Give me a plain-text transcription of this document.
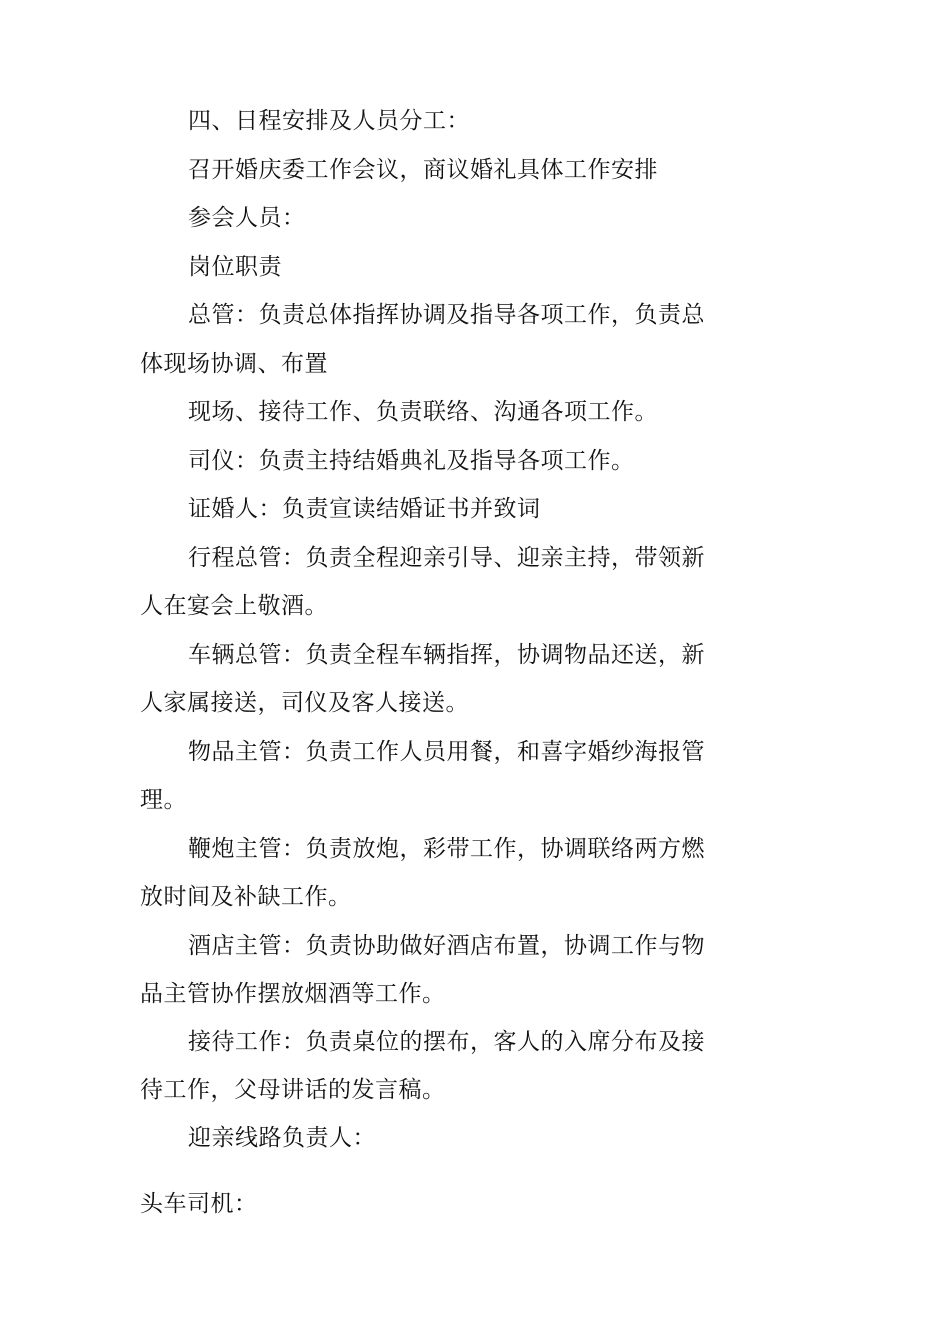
四、日程安排及人员分工：
召开婚庆委工作会议，商议婚礼具体工作安排
参会人员：
岗位职责
总管：负责总体指挥协调及指导各项工作，负责总
体现场协调、布置
现场、接待工作、负责联络、沟通各项工作。
司仪：负责主持结婚典礼及指导各项工作。
证婚人：负责宣读结婚证书并致词
行程总管：负责全程迎亲引导、迎亲主持，带领新
人在宴会上敬酒。
车辆总管：负责全程车辆指挥，协调物品还送，新
人家属接送，司仪及客人接送。
物品主管：负责工作人员用餐，和喜字婚纱海报管
理。
鞭炮主管：负责放炮，彩带工作，协调联络两方燃
放时间及补缺工作。
酒店主管：负责协助做好酒店布置，协调工作与物
品主管协作摆放烟酒等工作。
接待工作：负责桌位的摆布，客人的入席分布及接
待工作，父母讲话的发言稿。
迎亲线路负责人：
头车司机：
